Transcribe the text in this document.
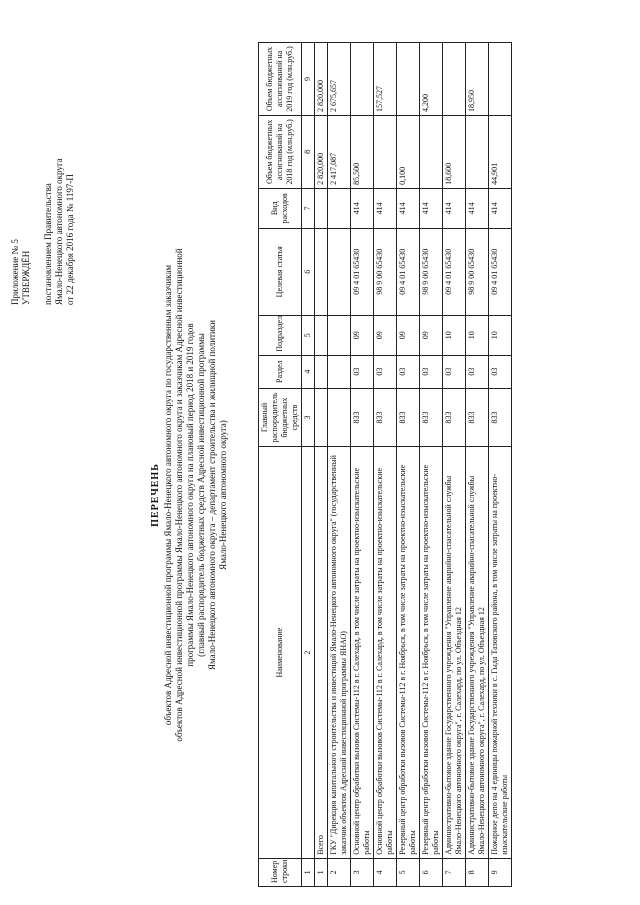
Приложение № 5 УТВЕРЖДЁН постановлением Правительства Ямало-Ненецкого автономного округа от 22 декабря 2016 года № 1197-П
ПЕРЕЧЕНЬ объектов Адресной инвестиционной программы Ямало-Ненецкого автономного округа по государственным заказчикам объектов Адресной инвестиционной программы Ямало-Ненецкого автономного округа и заказчикам Адресной инвестиционной программы Ямало-Ненецкого автономного округа на плановый период 2018 и 2019 годов (главный распорядитель бюджетных средств Адресной инвестиционной программы Ямало-Ненецкого автономного округа – департамент строительства и жилищной политики Ямало-Ненецкого автономного округа)
Номер строки	Наименование	Главный распорядитель бюджетных средств	Раздел	Подраздел	Целевая статья	Вид расходов	Объем бюджетных ассигнований на 2018 год (млн.руб.)	Объем бюджетных ассигнований на 2019 год (млн.руб.)
1	2	3	4	5	6	7	8	9
1	Всего						2 820,000	2 820,000
2	ГКУ "Дирекция капитального строительства и инвестиций Ямало-Ненецкого автономного округа" (государственный заказчик объектов Адресной инвестиционной программы ЯНАО)						2 417,087	2 675,657
3	Основной центр обработки вызовов Системы-112 в г. Салехард, в том числе затраты на проектно-изыскательские работы	833	03	09	09 4 01 65430	414	85,500	
4	Основной центр обработки вызовов Системы-112 в г. Салехард, в том числе затраты на проектно-изыскательские работы	833	03	09	98 9 00 65430	414		157,527
5	Резервный центр обработки вызовов Системы-112 в г. Ноябрьск, в том числе затраты на проектно-изыскательские работы	833	03	09	09 4 01 65430	414	0,100	
6	Резервный центр обработки вызовов Системы-112 в г. Ноябрьск, в том числе затраты на проектно-изыскательские работы	833	03	09	98 9 00 65430	414		4,200
7	Административно-бытовое здание Государственного учреждения "Управление аварийно-спасательной службы Ямало-Ненецкого автономного округа", г. Салехард, по ул. Объездная 12	833	03	10	09 4 01 65430	414	18,600	
8	Административно-бытовое здание Государственного учреждения "Управление аварийно-спасательной службы Ямало-Ненецкого автономного округа", г. Салехард, по ул. Объездная 12	833	03	10	98 9 00 65430	414		18,950
9	Пожарное депо на 4 единицы пожарной техники в с. Гыда Тазовского района, в том числе затраты на проектно-изыскательские работы	833	03	10	09 4 01 65430	414	44,901	
